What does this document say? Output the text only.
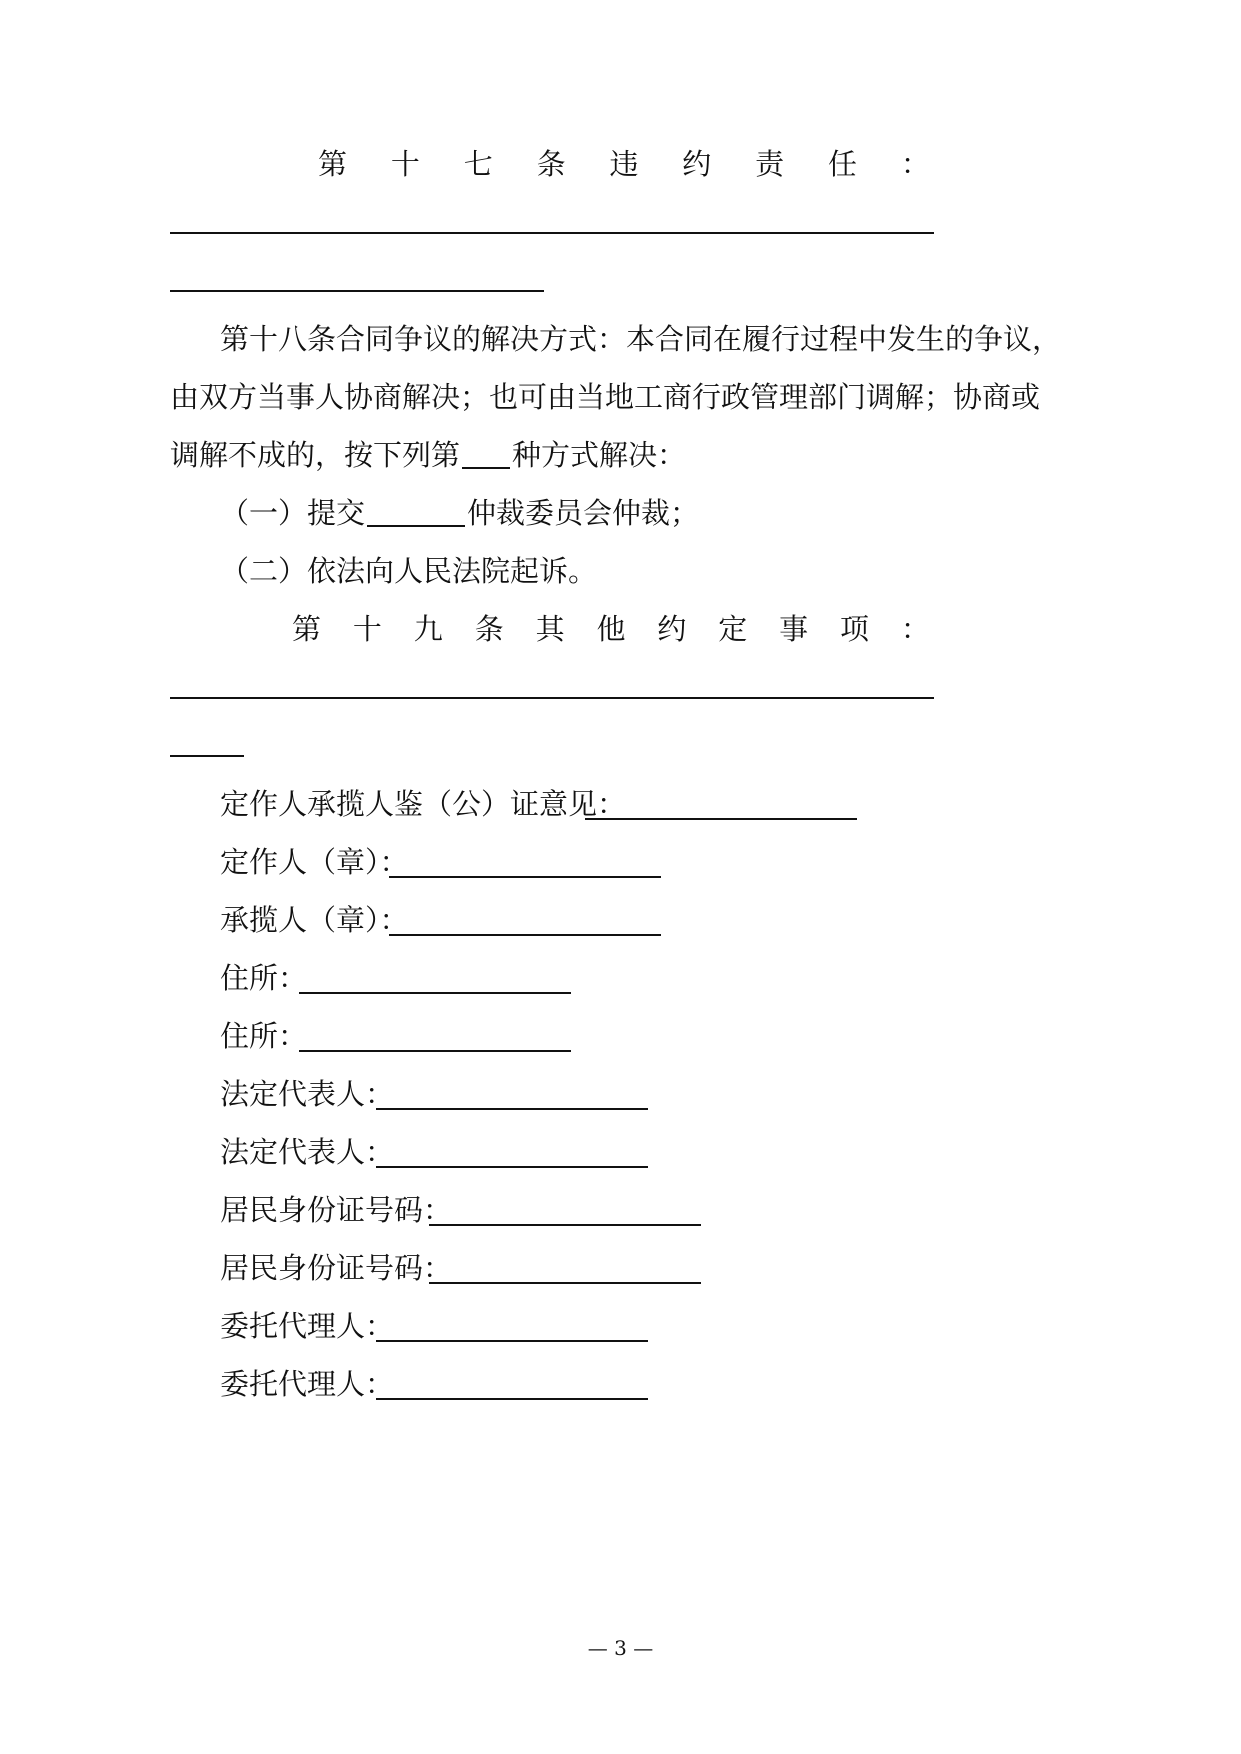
第 十 七 条 违 约 责 任 ：
第十八条合同争议的解决方式：本合同在履行过程中发生的争议，
由双方当事人协商解决；也可由当地工商行政管理部门调解；协商或
调解不成的，按下列第 种方式解决：
（一）提交	仲裁委员会仲裁；
（二）依法向人民法院起诉。
第 十 九 条 其 他 约 定 事 项 ：
定作人承揽人鉴（公）证意见：
定作人（章）：
承揽人（章）：
住所：
住所：
法定代表人：
法定代表人：
居民身份证号码：
居民身份证号码：
委托代理人：
委托代理人：
— 3 —
